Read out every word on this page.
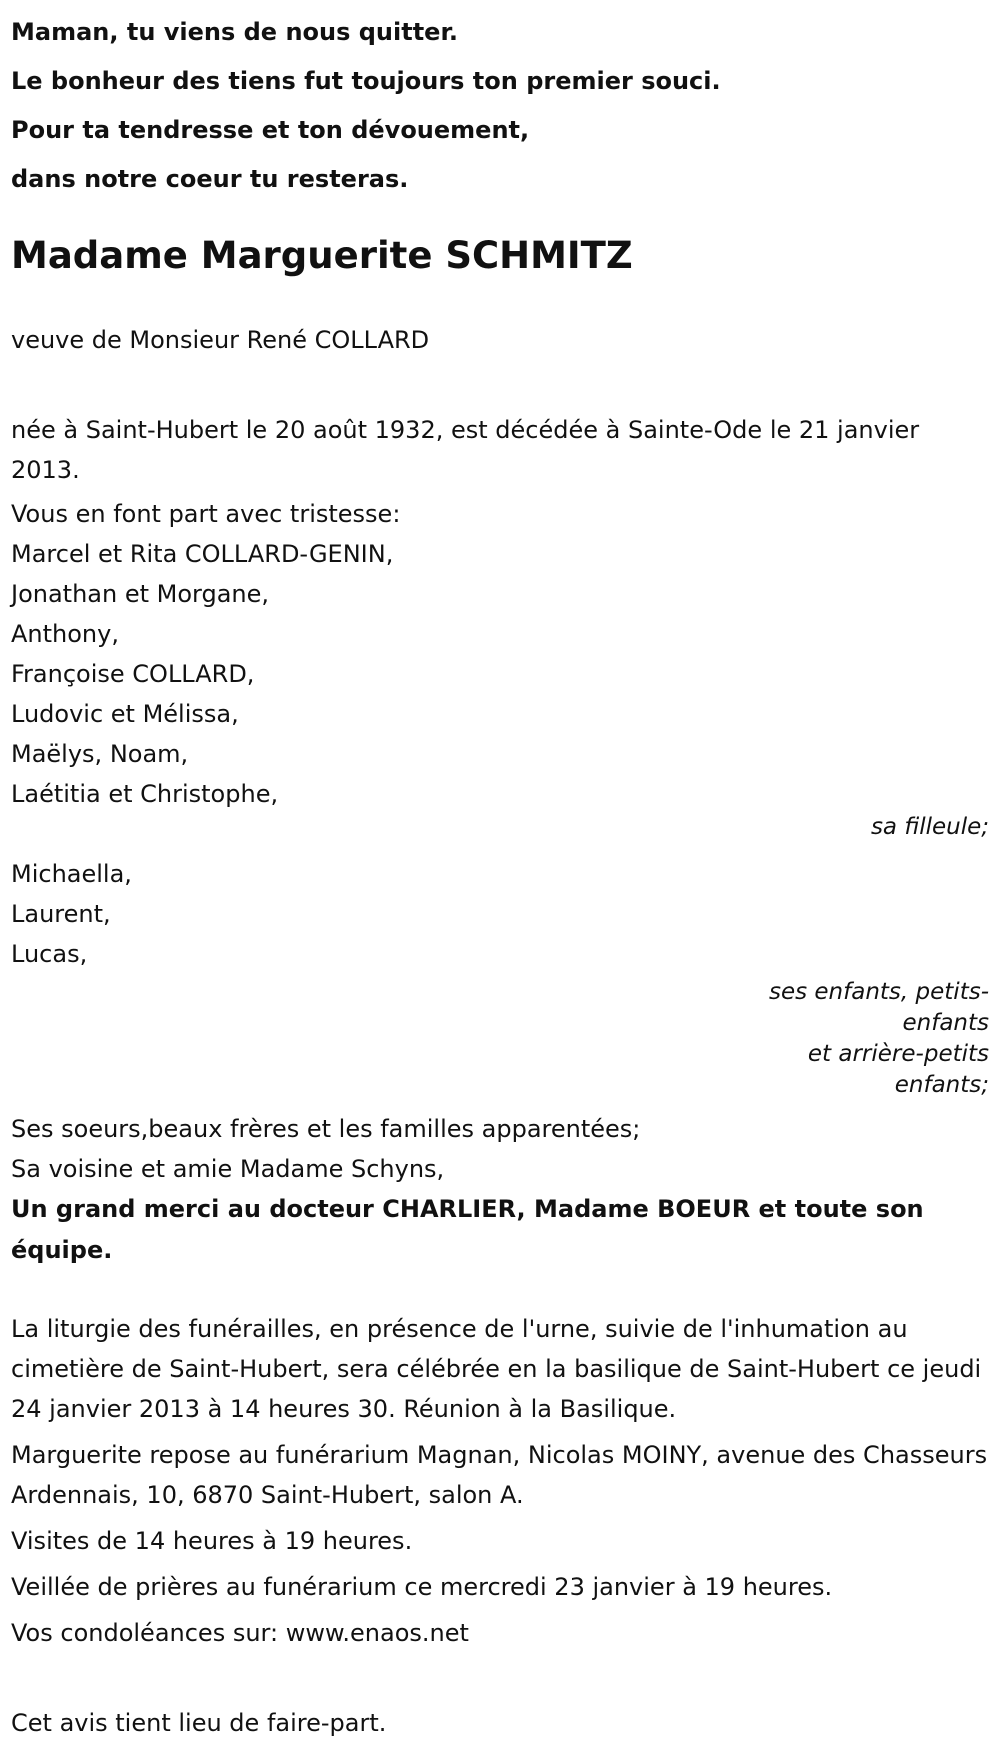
Maman, tu viens de nous quitter.

Le bonheur des tiens fut toujours ton premier souci.

Pour ta tendresse et ton dévouement,

dans notre coeur tu resteras.

Madame Marguerite SCHMITZ

veuve de Monsieur René COLLARD

née à Saint-Hubert le 20 août 1932, est décédée à Sainte-Ode le 21 janvier 2013.

Vous en font part avec tristesse:

Marcel et Rita COLLARD-GENIN,

Jonathan et Morgane,

Anthony,

Françoise COLLARD,

Ludovic et Mélissa,

Maëlys, Noam,

Laétitia et Christophe,

sa filleule;

Michaella,

Laurent,

Lucas,

ses enfants, petits-
enfants
et arrière-petits
enfants;

Ses soeurs,beaux frères et les familles apparentées;

Sa voisine et amie Madame Schyns,

Un grand merci au docteur CHARLIER, Madame BOEUR et toute son équipe.

La liturgie des funérailles, en présence de l'urne, suivie de l'inhumation au cimetière de Saint-Hubert, sera célébrée en la basilique de Saint-Hubert ce jeudi 24 janvier 2013 à 14 heures 30. Réunion à la Basilique.

Marguerite repose au funérarium Magnan, Nicolas MOINY, avenue des Chasseurs Ardennais, 10, 6870 Saint-Hubert, salon A.

Visites de 14 heures à 19 heures.

Veillée de prières au funérarium ce mercredi 23 janvier à 19 heures.

Vos condoléances sur: www.enaos.net

Cet avis tient lieu de faire-part.
